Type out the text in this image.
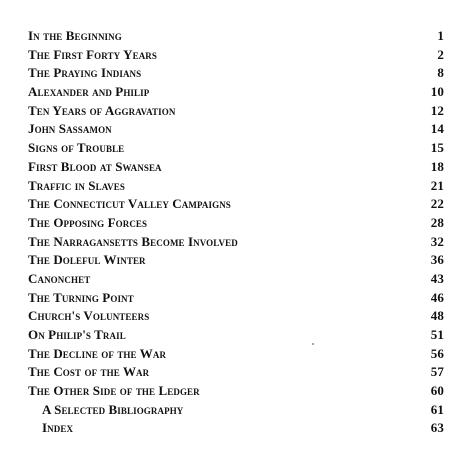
In the Beginning	1
The First Forty Years	2
The Praying Indians	8
Alexander and Philip	10
Ten Years of Aggravation	12
John Sassamon	14
Signs of Trouble	15
First Blood at Swansea	18
Traffic in Slaves	21
The Connecticut Valley Campaigns	22
The Opposing Forces	28
The Narragansetts Become Involved	32
The Doleful Winter	36
Canonchet	43
The Turning Point	46
Church's Volunteers	48
On Philip's Trail	51
The Decline of the War	56
The Cost of the War	57
The Other Side of the Ledger	60
A Selected Bibliography	61
Index	63
